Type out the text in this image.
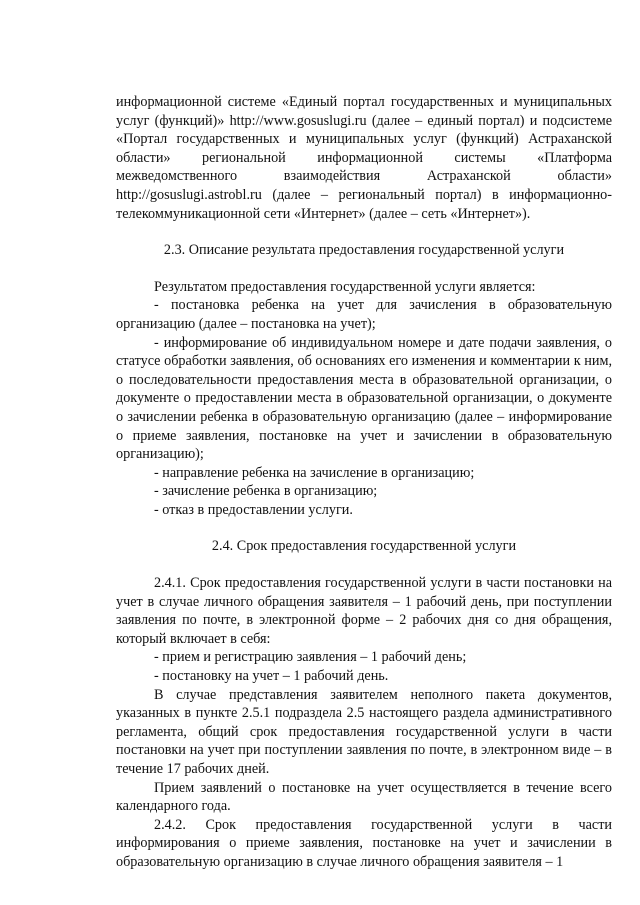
информационной системе «Единый портал государственных и муниципальных услуг (функций)» http://www.gosuslugi.ru (далее – единый портал) и подсистеме «Портал государственных и муниципальных услуг (функций) Астраханской области» региональной информационной системы «Платформа межведомственного взаимодействия Астраханской области» http://gosuslugi.astrobl.ru (далее – региональный портал) в информационно-телекоммуникационной сети «Интернет» (далее – сеть «Интернет»).

2.3. Описание результата предоставления государственной услуги

Результатом предоставления государственной услуги является:

- постановка ребенка на учет для зачисления в образовательную организацию (далее – постановка на учет);

- информирование об индивидуальном номере и дате подачи заявления, о статусе обработки заявления, об основаниях его изменения и комментарии к ним, о последовательности предоставления места в образовательной организации, о документе о предоставлении места в образовательной организации, о документе о зачислении ребенка в образовательную организацию (далее – информирование о приеме заявления, постановке на учет и зачислении в образовательную организацию);

- направление ребенка на зачисление в организацию;

- зачисление ребенка в организацию;

- отказ в предоставлении услуги.

2.4. Срок предоставления государственной услуги

2.4.1. Срок предоставления государственной услуги в части постановки на учет в случае личного обращения заявителя – 1 рабочий день, при поступлении заявления по почте, в электронной форме – 2 рабочих дня со дня обращения, который включает в себя:

- прием и регистрацию заявления – 1 рабочий день;

- постановку на учет – 1 рабочий день.

В случае представления заявителем неполного пакета документов, указанных в пункте 2.5.1 подраздела 2.5 настоящего раздела административного регламента, общий срок предоставления государственной услуги в части постановки на учет при поступлении заявления по почте, в электронном виде – в течение 17 рабочих дней.

Прием заявлений о постановке на учет осуществляется в течение всего календарного года.

2.4.2. Срок предоставления государственной услуги в части информирования о приеме заявления, постановке на учет и зачислении в образовательную организацию в случае личного обращения заявителя – 1
